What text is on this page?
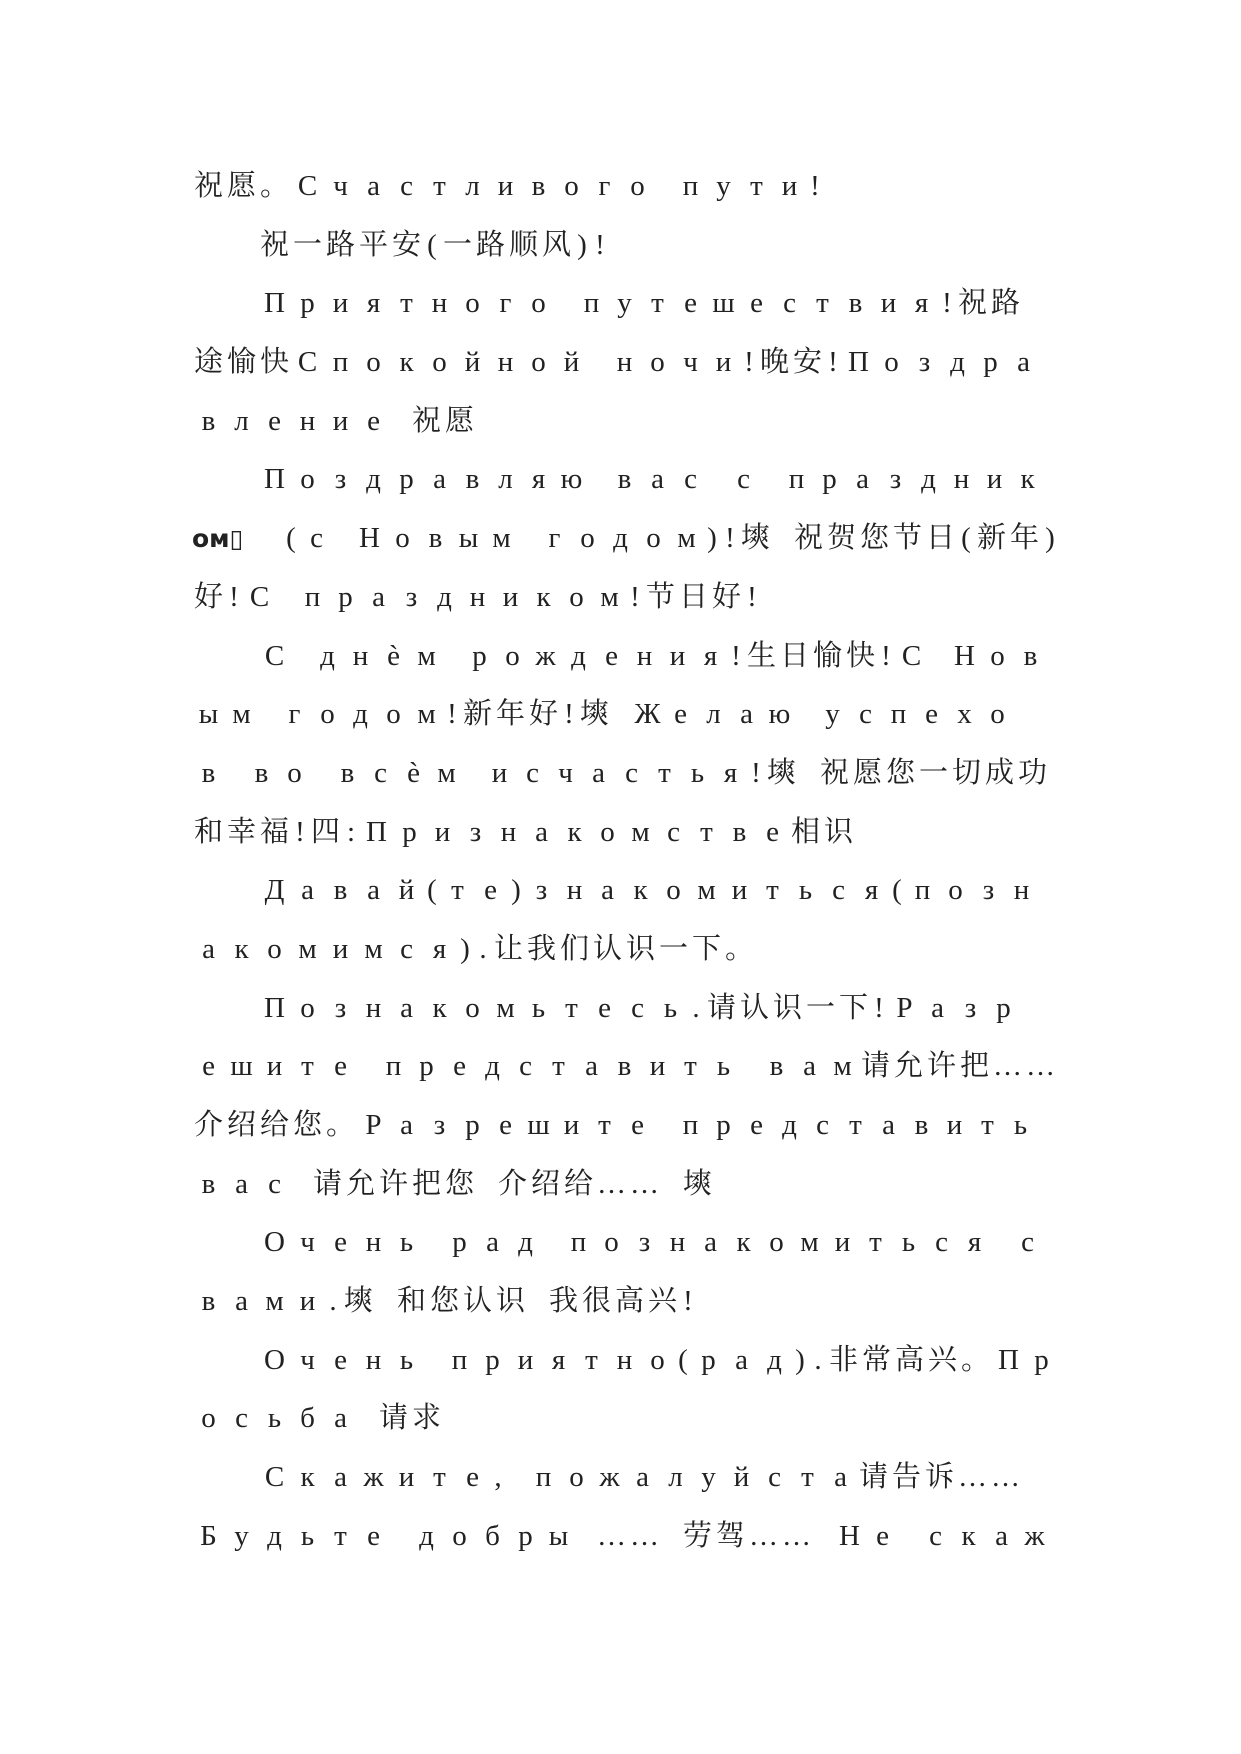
祝 愿 。 С ч а с т л и в о г о п у т и !
祝 一 路 平 安 ( 一 路 顺 风 ) !
П р и я т н о г о п у т е ш е с т в и я ! 祝 路
途 愉 快 С п о к о й н о й н о ч и ! 晚 安 ! П о з д р а
в л е н и е 祝 愿
П о з д р а в л я ю в а с с п р а з д н и к
ом▯ ( с Н о в ы м г о д о м ) ! 塽 祝 贺 您 节 日 ( 新 年 )
好 ! С п р а з д н и к о м ! 节 日 好 !
С д н ѐ м р о ж д е н и я ! 生 日 愉 快 ! С Н о в
ы м г о д о м ! 新 年 好 ! 塽 Ж е л а ю у с п е х о
в в о в с ѐ м и с ч а с т ь я ! 塽 祝 愿 您 一 切 成 功
和 幸 福 ! 四 : П р и з н а к о м с т в е 相 识
Д а в а й ( т е ) з н а к о м и т ь с я ( п о з н
а к о м и м с я ) . 让 我 们 认 识 一 下 。
П о з н а к о м ь т е с ь . 请 认 识 一 下 ! Р а з р
е ш и т е п р е д с т а в и т ь в а м 请 允 许 把 … …
介 绍 给 您 。 Р а з р е ш и т е п р е д с т а в и т ь
в а с 请 允 许 把 您 介 绍 给 … … 塽
О ч е н ь р а д п о з н а к о м и т ь с я с
в а м и . 塽 和 您 认 识 我 很 高 兴 !
О ч е н ь п р и я т н о ( р а д ) . 非 常 高 兴 。 П р
о с ь б а 请 求
С к а ж и т е , п о ж а л у й с т а 请 告 诉 … …
Б у д ь т е д о б р ы … … 劳 驾 … … Н е с к а ж
